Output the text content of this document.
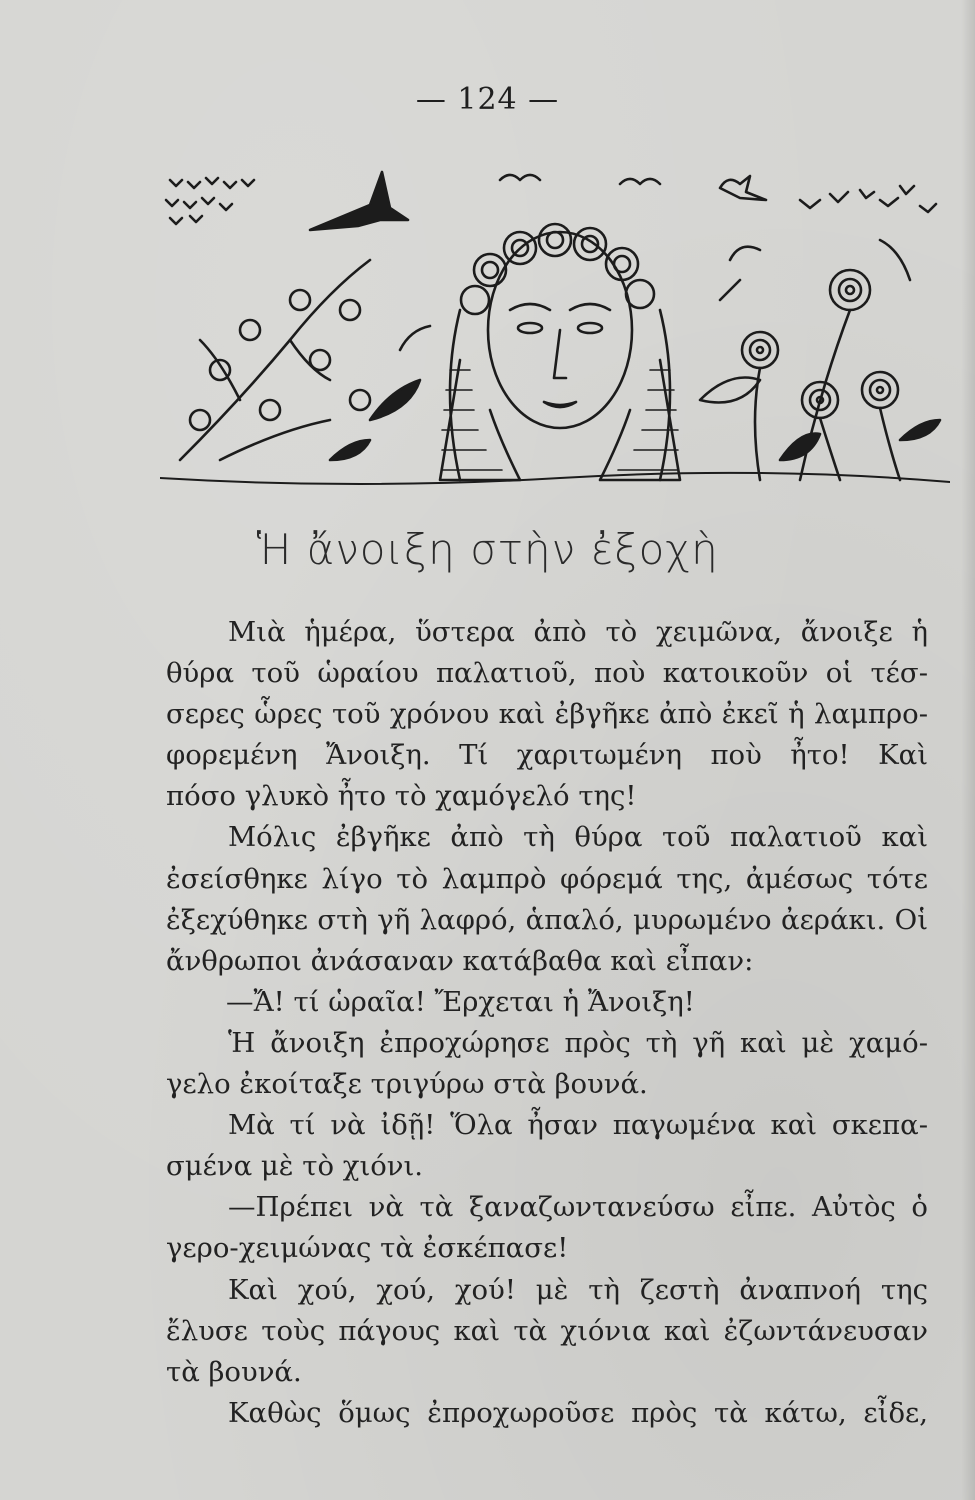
— 124 —
Ἡ ἄνοιξη στὴν ἐξοχὴ
Μιὰ ἡμέρα, ὕστερα ἀπὸ τὸ χειμῶνα, ἄνοιξε ἡ
θύρα τοῦ ὡραίου παλατιοῦ, ποὺ κατοικοῦν οἱ τέσ-
σερες ὧρες τοῦ χρόνου καὶ ἐβγῆκε ἀπὸ ἐκεῖ ἡ λαμπρο-
φορεμένη Ἄνοιξη. Τί χαριτωμένη ποὺ ἦτο! Καὶ
πόσο γλυκὸ ἦτο τὸ χαμόγελό της!
Μόλις ἐβγῆκε ἀπὸ τὴ θύρα τοῦ παλατιοῦ καὶ
ἐσείσθηκε λίγο τὸ λαμπρὸ φόρεμά της, ἀμέσως τότε
ἐξεχύθηκε στὴ γῆ λαφρό, ἁπαλό, μυρωμένο ἀεράκι. Οἱ
ἄνθρωποι ἀνάσαναν κατάβαθα καὶ εἶπαν:
—Ἄ! τί ὡραῖα! Ἔρχεται ἡ Ἄνοιξη!
Ἡ ἄνοιξη ἐπροχώρησε πρὸς τὴ γῆ καὶ μὲ χαμό-
γελο ἐκοίταξε τριγύρω στὰ βουνά.
Μὰ τί νὰ ἰδῇ! Ὅλα ἦσαν παγωμένα καὶ σκεπα-
σμένα μὲ τὸ χιόνι.
—Πρέπει νὰ τὰ ξαναζωντανεύσω εἶπε. Αὐτὸς ὁ
γερο-χειμώνας τὰ ἐσκέπασε!
Καὶ χού, χού, χού! μὲ τὴ ζεστὴ ἀναπνοή της
ἔλυσε τοὺς πάγους καὶ τὰ χιόνια καὶ ἐζωντάνευσαν
τὰ βουνά.
Καθὼς ὅμως ἐπροχωροῦσε πρὸς τὰ κάτω, εἶδε,
